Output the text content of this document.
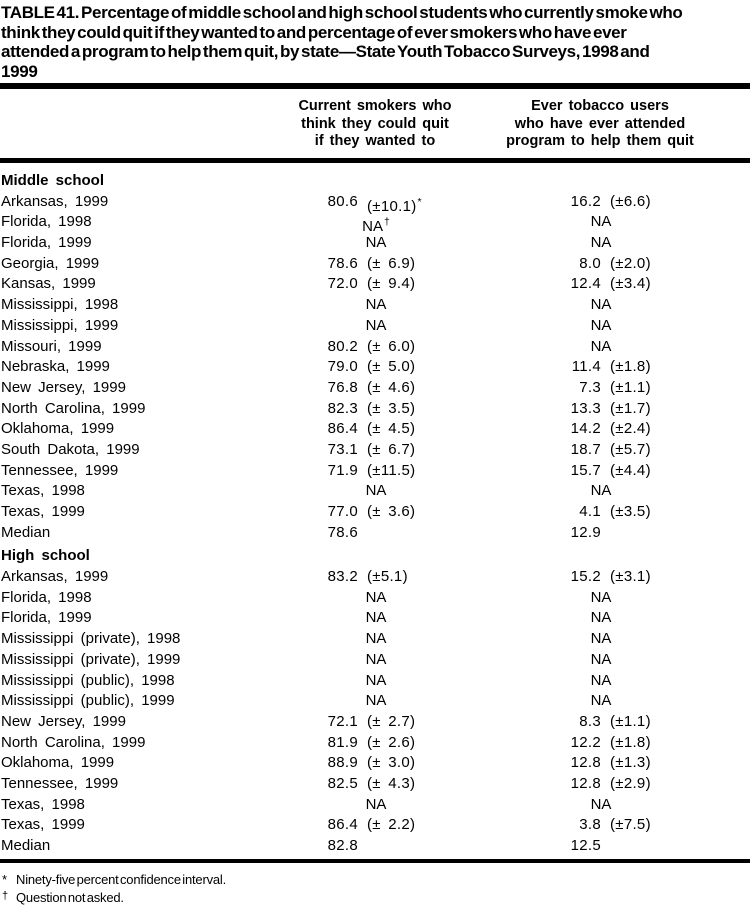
TABLE 41. Percentage of middle school and high school students who currently smoke who
think they could quit if they wanted to and percentage of ever smokers who have ever
attended a program to help them quit, by state—State Youth Tobacco Surveys, 1998 and
1999
Current smokers who
think they could quit
if they wanted to
Ever tobacco users
who have ever attended
program to help them quit
Middle school
Arkansas, 1999	80.6 (±10.1)*	16.2 (±6.6)
Florida, 1998	NA†	NA
Florida, 1999	NA	NA
Georgia, 1999	78.6 (± 6.9)	8.0 (±2.0)
Kansas, 1999	72.0 (± 9.4)	12.4 (±3.4)
Mississippi, 1998	NA	NA
Mississippi, 1999	NA	NA
Missouri, 1999	80.2 (± 6.0)	NA
Nebraska, 1999	79.0 (± 5.0)	11.4 (±1.8)
New Jersey, 1999	76.8 (± 4.6)	7.3 (±1.1)
North Carolina, 1999	82.3 (± 3.5)	13.3 (±1.7)
Oklahoma, 1999	86.4 (± 4.5)	14.2 (±2.4)
South Dakota, 1999	73.1 (± 6.7)	18.7 (±5.7)
Tennessee, 1999	71.9 (±11.5)	15.7 (±4.4)
Texas, 1998	NA	NA
Texas, 1999	77.0 (± 3.6)	4.1 (±3.5)
Median	78.6	12.9
High school
Arkansas, 1999	83.2 (±5.1)	15.2 (±3.1)
Florida, 1998	NA	NA
Florida, 1999	NA	NA
Mississippi (private), 1998	NA	NA
Mississippi (private), 1999	NA	NA
Mississippi (public), 1998	NA	NA
Mississippi (public), 1999	NA	NA
New Jersey, 1999	72.1 (± 2.7)	8.3 (±1.1)
North Carolina, 1999	81.9 (± 2.6)	12.2 (±1.8)
Oklahoma, 1999	88.9 (± 3.0)	12.8 (±1.3)
Tennessee, 1999	82.5 (± 4.3)	12.8 (±2.9)
Texas, 1998	NA	NA
Texas, 1999	86.4 (± 2.2)	3.8 (±7.5)
Median	82.8	12.5
* Ninety-five percent confidence interval.
† Question not asked.
